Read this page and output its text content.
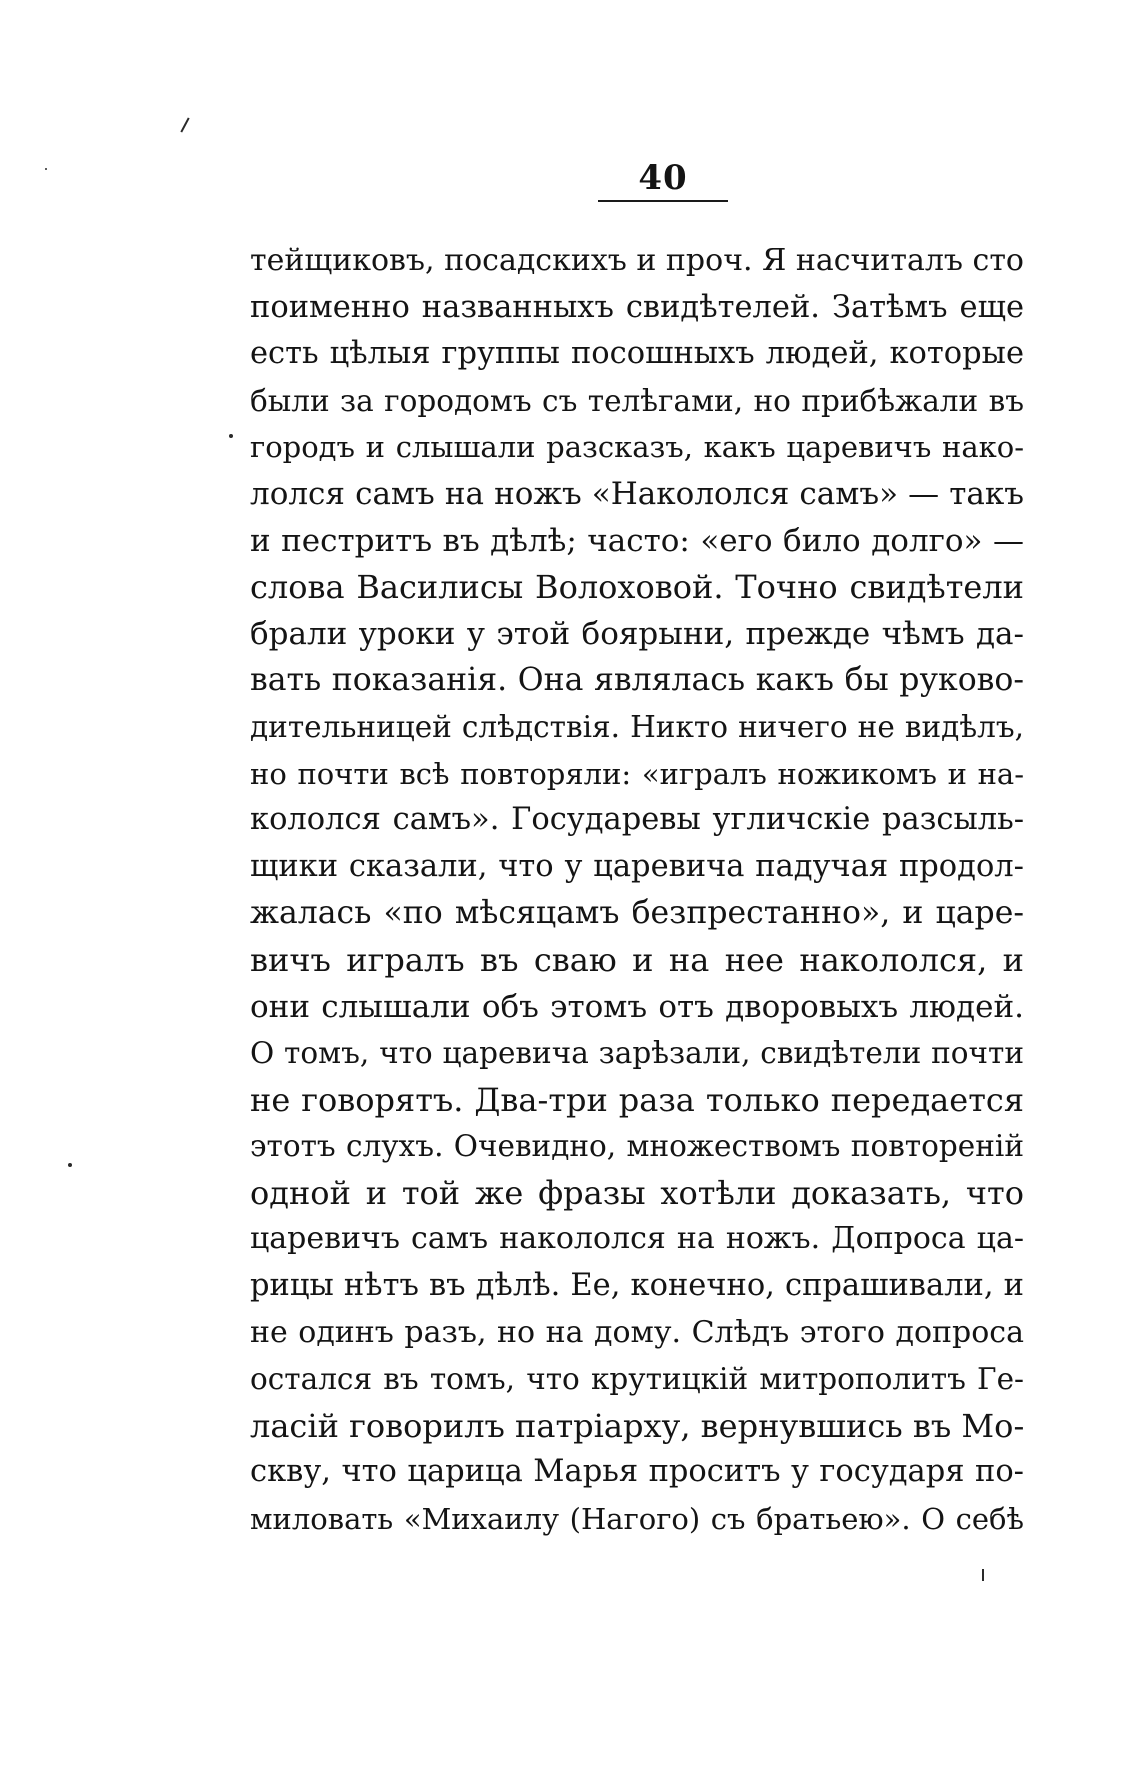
40
тейщиковъ, посадскихъ и проч. Я насчиталъ сто
поименно названныхъ свидѣтелей. Затѣмъ еще
есть цѣлыя группы посошныхъ людей, которые
были за городомъ съ телѣгами, но прибѣжали въ
городъ и слышали разсказъ, какъ царевичъ нако-
лолся самъ на ножъ «Накололся самъ» — такъ
и пестритъ въ дѣлѣ; часто: «его било долго» —
слова Василисы Волоховой. Точно свидѣтели
брали уроки у этой боярыни, прежде чѣмъ да-
вать показанія. Она являлась какъ бы руково-
дительницей слѣдствія. Никто ничего не видѣлъ,
но почти всѣ повторяли: «игралъ ножикомъ и на-
кололся самъ». Государевы угличскіе разсыль-
щики сказали, что у царевича падучая продол-
жалась «по мѣсяцамъ безпрестанно», и царе-
вичъ игралъ въ сваю и на нее накололся, и
они слышали объ этомъ отъ дворовыхъ людей.
О томъ, что царевича зарѣзали, свидѣтели почти
не говорятъ. Два-три раза только передается
этотъ слухъ. Очевидно, множествомъ повтореній
одной и той же фразы хотѣли доказать, что
царевичъ самъ накололся на ножъ. Допроса ца-
рицы нѣтъ въ дѣлѣ. Ее, конечно, спрашивали, и
не одинъ разъ, но на дому. Слѣдъ этого допроса
остался въ томъ, что крутицкій митрополитъ Ге-
ласій говорилъ патріарху, вернувшись въ Мо-
скву, что царица Марья проситъ у государя по-
миловать «Михаилу (Нагого) съ братьею». О себѣ
